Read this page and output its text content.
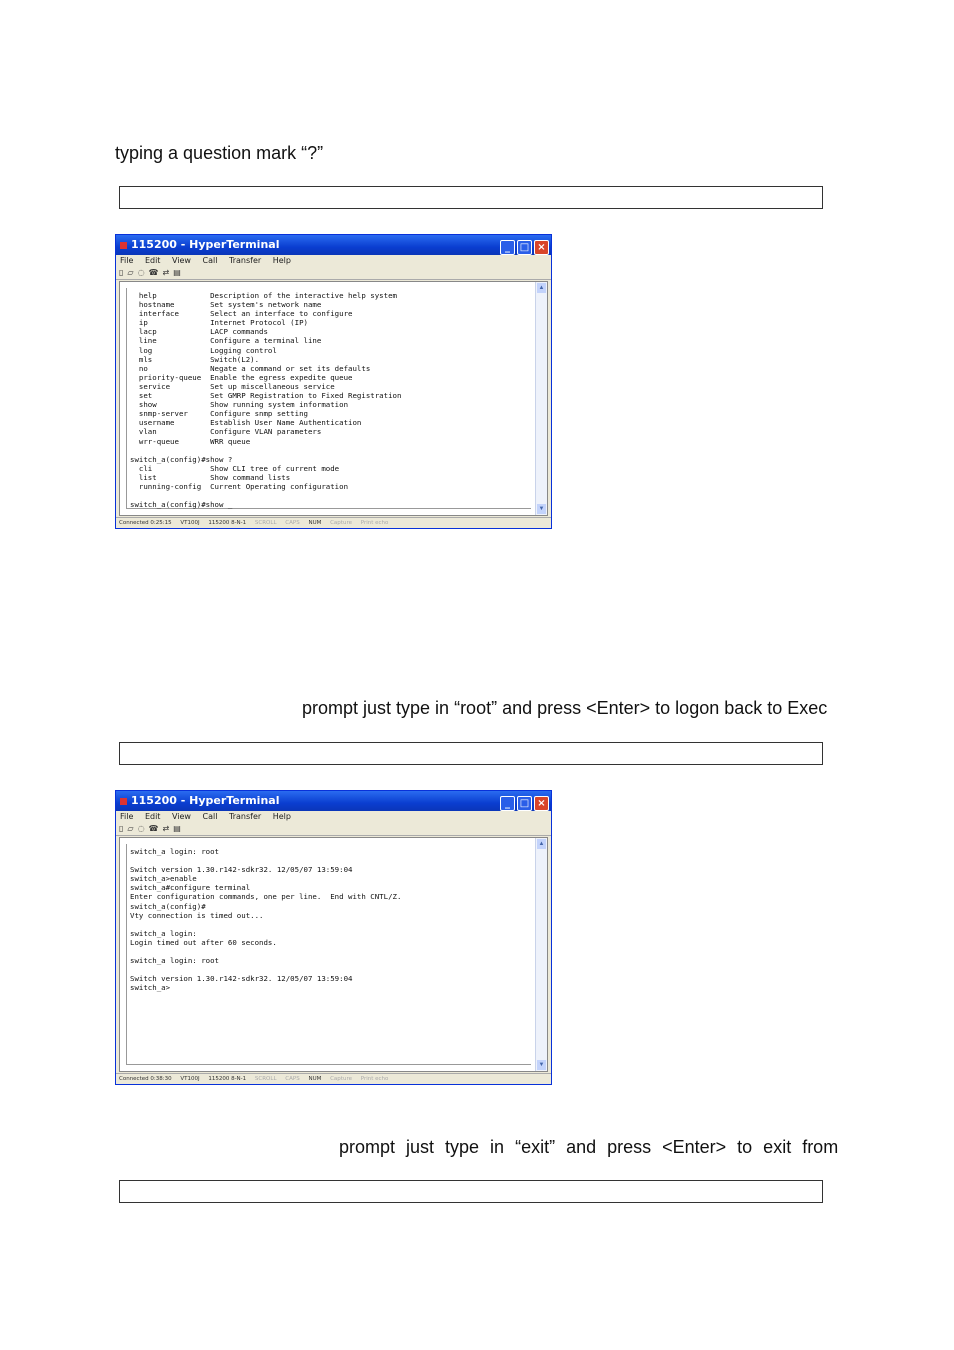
typing a question mark “?”
115200 - HyperTerminal	_ □ ×
File Edit View Call Transfer Help
▯ ▱ ◌ ☎ ⇄ ▤
help            Description of the interactive help system
hostname        Set system's network name
interface       Select an interface to configure
ip              Internet Protocol (IP)
lacp            LACP commands
line            Configure a terminal line
log             Logging control
mls             Switch(L2).
no              Negate a command or set its defaults
priority-queue  Enable the egress expedite queue
service         Set up miscellaneous service
set             Set GMRP Registration to Fixed Registration
show            Show running system information
snmp-server     Configure snmp setting
username        Establish User Name Authentication
vlan            Configure VLAN parameters
wrr-queue       WRR queue
switch_a(config)#show ?
cli             Show CLI tree of current mode
list            Show command lists
running-config  Current Operating configuration
switch_a(config)#show _
▲
▼
Connected 0:25:15 VT100J 115200 8-N-1 SCROLL CAPS NUM Capture Print echo
prompt just type in “root” and press <Enter> to logon back to Exec
115200 - HyperTerminal	_ □ ×
File Edit View Call Transfer Help
▯ ▱ ◌ ☎ ⇄ ▤
switch_a login: root
Switch version 1.30.r142-sdkr32. 12/05/07 13:59:04
switch_a>enable
switch_a#configure terminal
Enter configuration commands, one per line.  End with CNTL/Z.
switch_a(config)#
Vty connection is timed out...
switch_a login:
Login timed out after 60 seconds.
switch_a login: root
Switch version 1.30.r142-sdkr32. 12/05/07 13:59:04
switch_a>
▲
▼
Connected 0:38:30 VT100J 115200 8-N-1 SCROLL CAPS NUM Capture Print echo
prompt just type in “exit” and press <Enter> to exit from
